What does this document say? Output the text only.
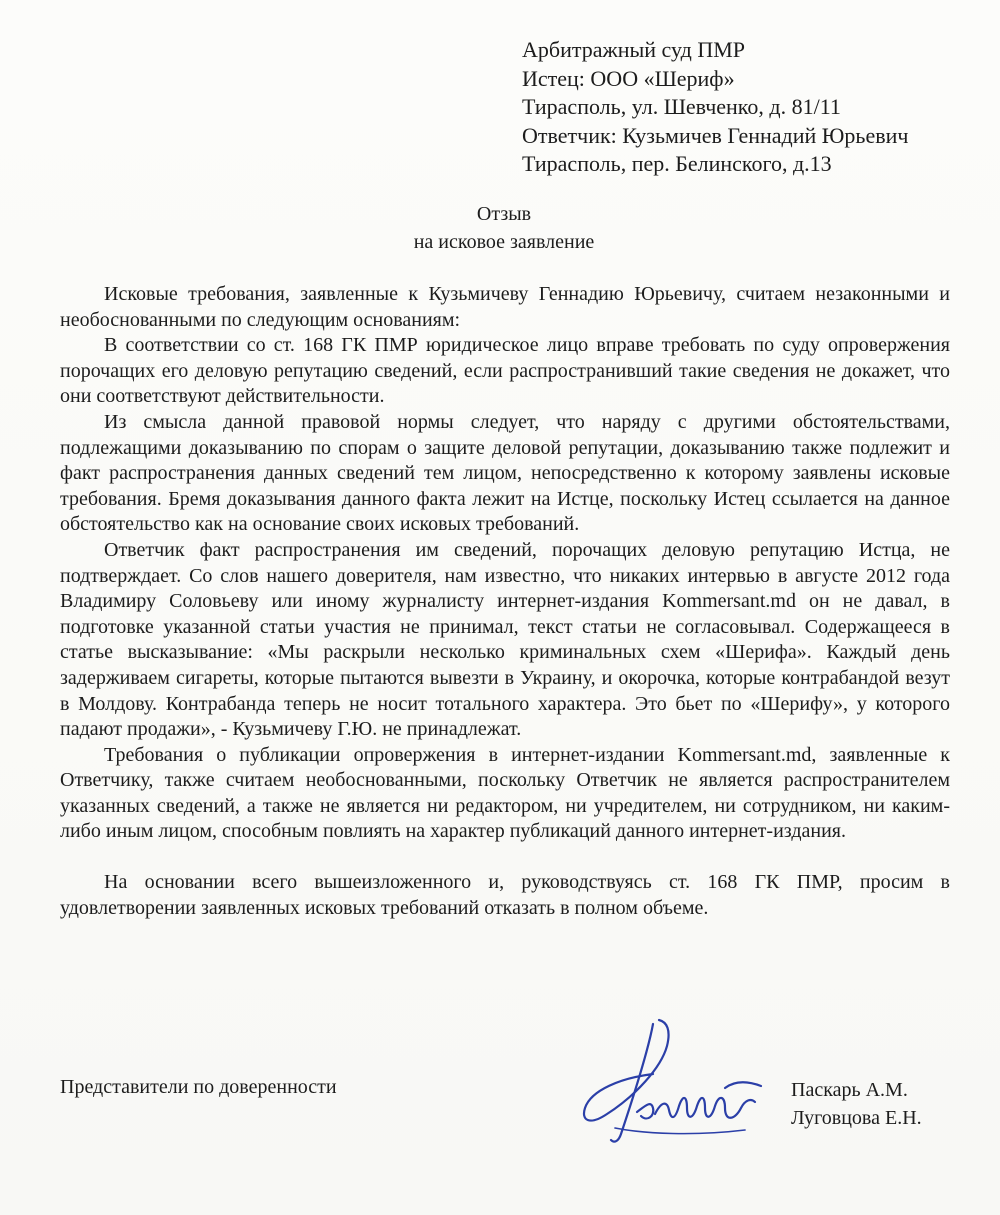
Арбитражный суд ПМР
Истец: ООО «Шериф»
Тирасполь, ул. Шевченко, д. 81/11
Ответчик: Кузьмичев Геннадий Юрьевич
Тирасполь, пер. Белинского, д.13
Отзыв
на исковое заявление

Исковые требования, заявленные к Кузьмичеву Геннадию Юрьевичу, считаем незаконными и необоснованными по следующим основаниям:

В соответствии со ст. 168 ГК ПМР юридическое лицо вправе требовать по суду опровержения порочащих его деловую репутацию сведений, если распространивший такие сведения не докажет, что они соответствуют действительности.

Из смысла данной правовой нормы следует, что наряду с другими обстоятельствами, подлежащими доказыванию по спорам о защите деловой репутации, доказыванию также подлежит и факт распространения данных сведений тем лицом, непосредственно к которому заявлены исковые требования. Бремя доказывания данного факта лежит на Истце, поскольку Истец ссылается на данное обстоятельство как на основание своих исковых требований.

Ответчик факт распространения им сведений, порочащих деловую репутацию Истца, не подтверждает. Со слов нашего доверителя, нам известно, что никаких интервью в августе 2012 года Владимиру Соловьеву или иному журналисту интернет-издания Kommersant.md он не давал, в подготовке указанной статьи участия не принимал, текст статьи не согласовывал. Содержащееся в статье высказывание: «Мы раскрыли несколько криминальных схем «Шерифа». Каждый день задерживаем сигареты, которые пытаются вывезти в Украину, и окорочка, которые контрабандой везут в Молдову. Контрабанда теперь не носит тотального характера. Это бьет по «Шерифу», у которого падают продажи», - Кузьмичеву Г.Ю. не принадлежат.

Требования о публикации опровержения в интернет-издании Kommersant.md, заявленные к Ответчику, также считаем необоснованными, поскольку Ответчик не является распространителем указанных сведений, а также не является ни редактором, ни учредителем, ни сотрудником, ни каким-либо иным лицом, способным повлиять на характер публикаций данного интернет-издания.

На основании всего вышеизложенного и, руководствуясь ст. 168 ГК ПМР, просим в удовлетворении заявленных исковых требований отказать в полном объеме.

Представители по доверенности	Паскарь А.М.
Луговцова Е.Н.
